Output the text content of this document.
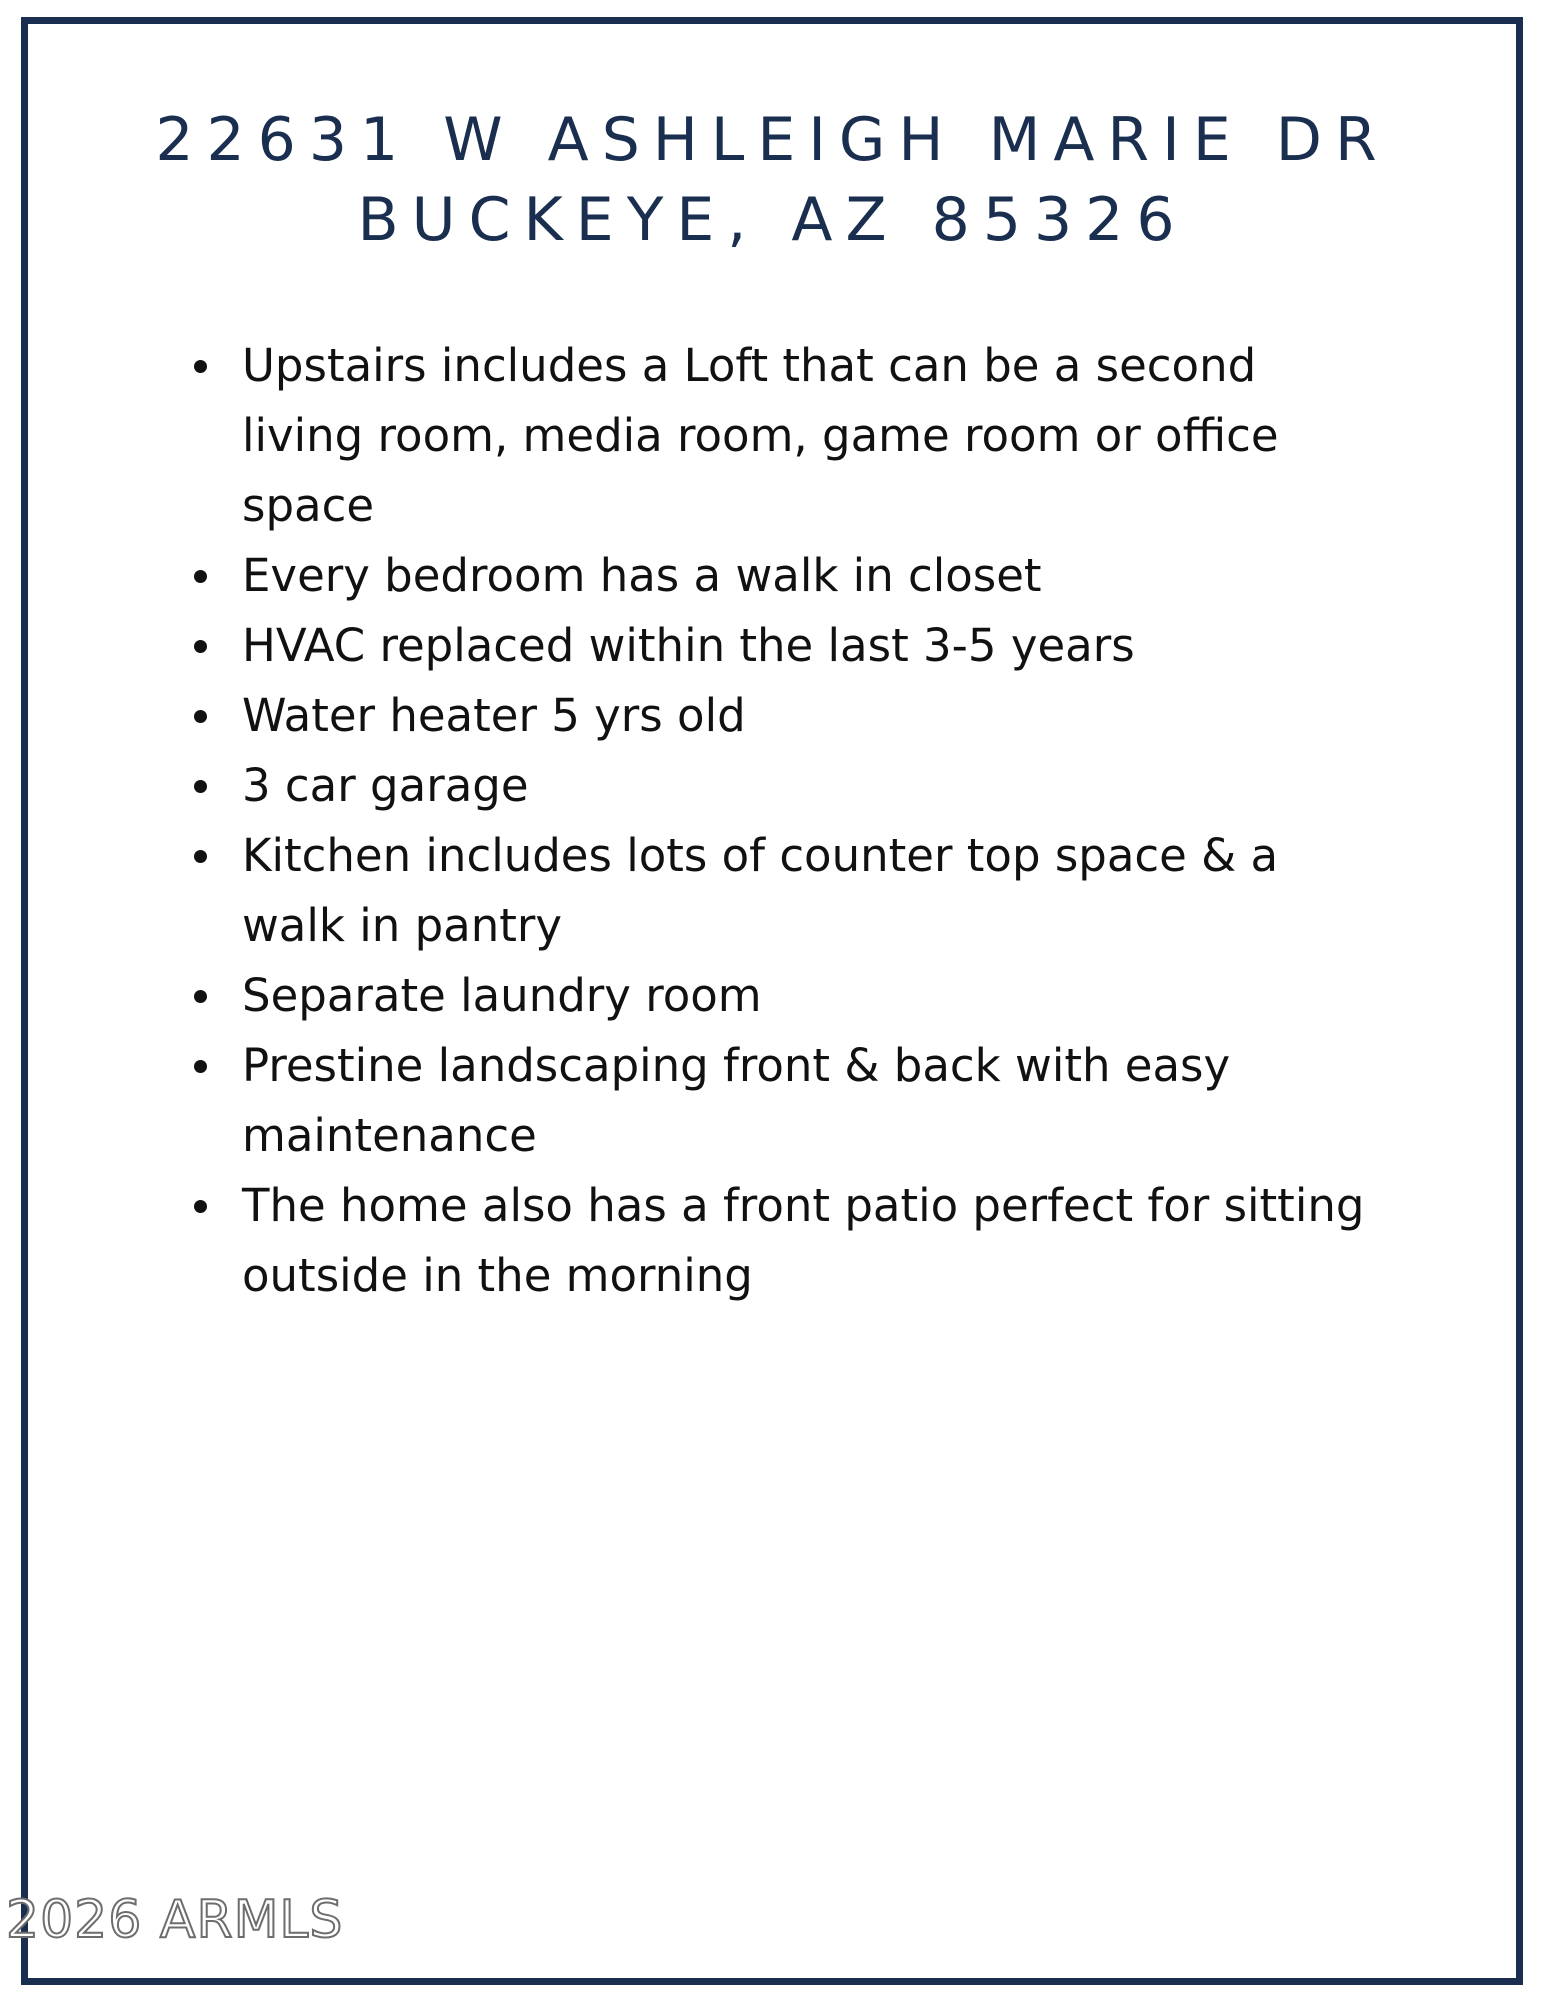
22631 W ASHLEIGH MARIE DR
BUCKEYE, AZ 85326
Upstairs includes a Loft that can be a second living room, media room, game room or office space
Every bedroom has a walk in closet
HVAC replaced within the last 3-5 years
Water heater 5 yrs old
3 car garage
Kitchen includes lots of counter top space & a walk in pantry
Separate laundry room
Prestine landscaping front & back with easy maintenance
The home also has a front patio perfect for sitting outside in the morning
2026 ARMLS
